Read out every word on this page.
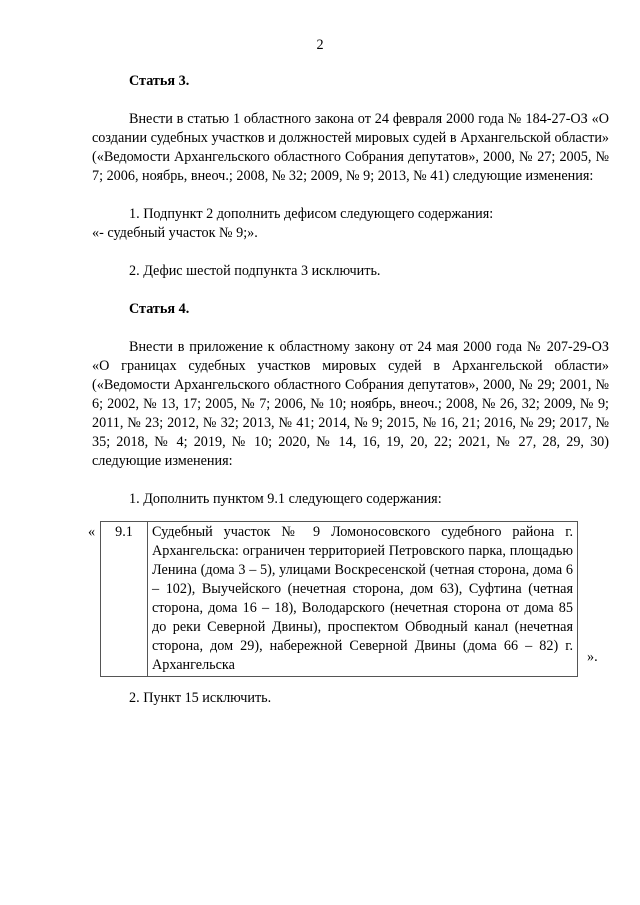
2

Статья 3.

Внести в статью 1 областного закона от 24 февраля 2000 года № 184-27-ОЗ «О создании судебных участков и должностей мировых судей в Архангельской области» («Ведомости Архангельского областного Собрания депутатов», 2000, № 27; 2005, № 7; 2006, ноябрь, внеоч.; 2008, № 32; 2009, № 9; 2013, № 41) следующие изменения:

1. Подпункт 2 дополнить дефисом следующего содержания:

«- судебный участок № 9;».

2. Дефис шестой подпункта 3 исключить.

Статья 4.

Внести в приложение к областному закону от 24 мая 2000 года № 207-29-ОЗ «О границах судебных участков мировых судей в Архангельской области» («Ведомости Архангельского областного Собрания депутатов», 2000, № 29; 2001, № 6; 2002, № 13, 17; 2005, № 7; 2006, № 10; ноябрь, внеоч.; 2008, № 26, 32; 2009, № 9; 2011, № 23; 2012, № 32; 2013, № 41; 2014, № 9; 2015, № 16, 21; 2016, № 29; 2017, № 35; 2018, № 4; 2019, № 10; 2020, № 14, 16, 19, 20, 22; 2021, № 27, 28, 29, 30) следующие изменения:

1. Дополнить пунктом 9.1 следующего содержания:

« 9.1	Судебный участок № 9 Ломоносовского судебного района г. Архангельска: ограничен территорией Петровского парка, площадью Ленина (дома 3 – 5), улицами Воскресенской (четная сторона, дома 6 – 102), Выучейского (нечетная сторона, дом 63), Суфтина (четная сторона, дома 16 – 18), Володарского (нечетная сторона от дома 85 до реки Северной Двины), проспектом Обводный канал (нечетная сторона, дом 29), набережной Северной Двины (дома 66 – 82) г. Архангельска	».

2. Пункт 15 исключить.
